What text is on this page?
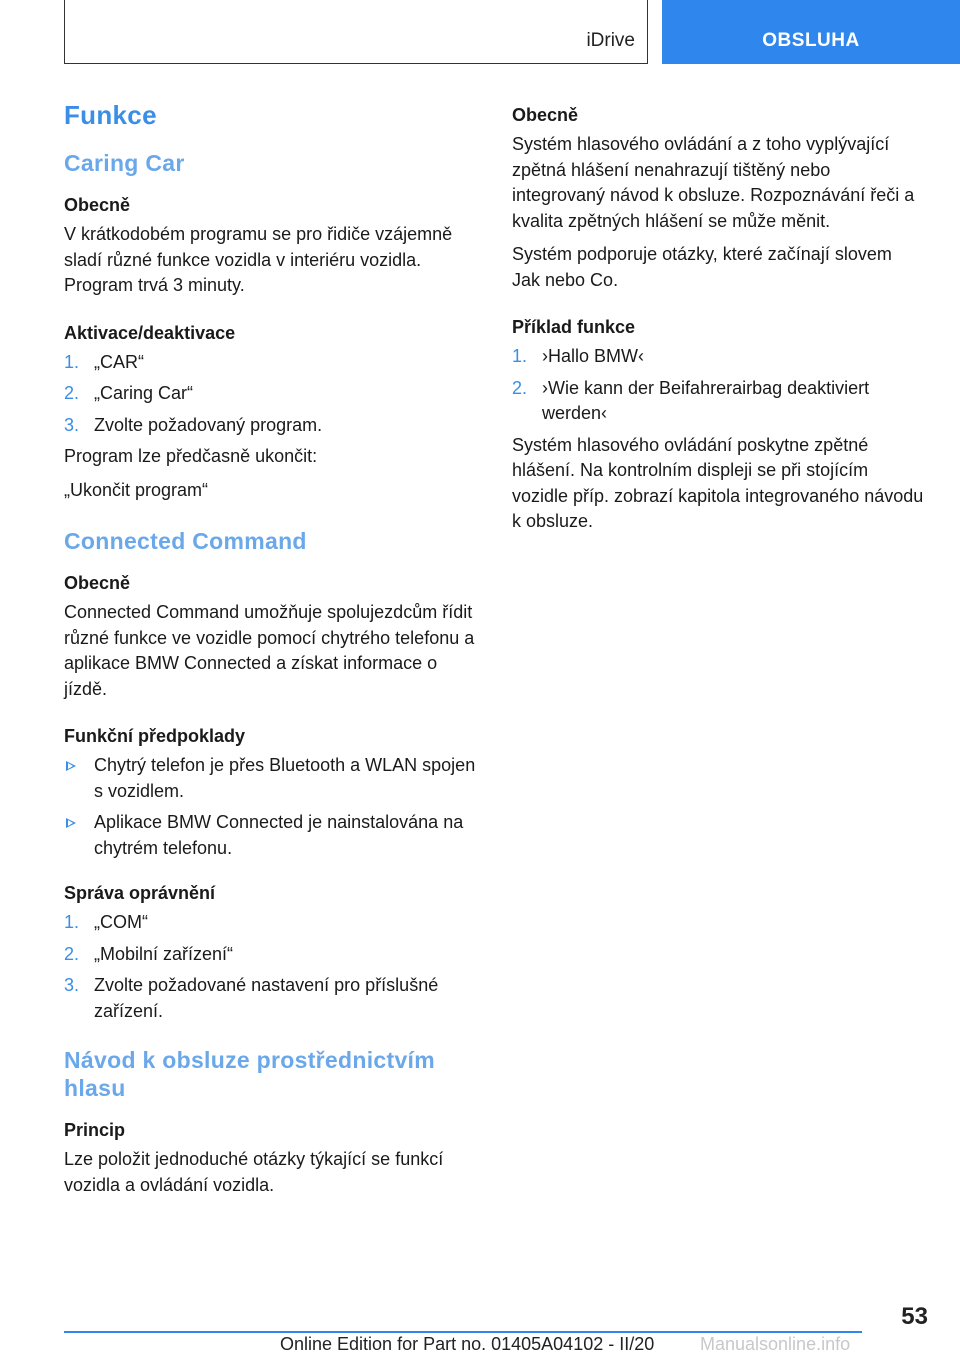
iDrive	OBSLUHA
Funkce
Caring Car
Obecně

V krátkodobém programu se pro řidiče vzájemně sladí různé funkce vozidla v interiéru vozidla. Program trvá 3 minuty.

Aktivace/deaktivace
1. „CAR“
2. „Caring Car“
3. Zvolte požadovaný program.

Program lze předčasně ukončit:

„Ukončit program“

Connected Command
Obecně

Connected Command umožňuje spolujezdcům řídit různé funkce ve vozidle pomocí chytrého telefonu a aplikace BMW Connected a získat informace o jízdě.

Funkční předpoklady
Chytrý telefon je přes Bluetooth a WLAN spojen s vozidlem.
Aplikace BMW Connected je nainstalována na chytrém telefonu.
Správa oprávnění
1. „COM“
2. „Mobilní zařízení“
3. Zvolte požadované nastavení pro příslušné zařízení.
Návod k obsluze prostřednictvím hlasu
Princip

Lze položit jednoduché otázky týkající se funkcí vozidla a ovládání vozidla.

Obecně

Systém hlasového ovládání a z toho vyplývající zpětná hlášení nenahrazují tištěný nebo integrovaný návod k obsluze. Rozpoznávání řeči a kvalita zpětných hlášení se může měnit.

Systém podporuje otázky, které začínají slovem Jak nebo Co.

Příklad funkce
1. ›Hallo BMW‹
2. ›Wie kann der Beifahrerairbag deaktiviert werden‹

Systém hlasového ovládání poskytne zpětné hlášení. Na kontrolním displeji se při stojícím vozidle příp. zobrazí kapitola integrovaného návodu k obsluze.

53
Online Edition for Part no. 01405A04102 - II/20	Manualsonline.info
